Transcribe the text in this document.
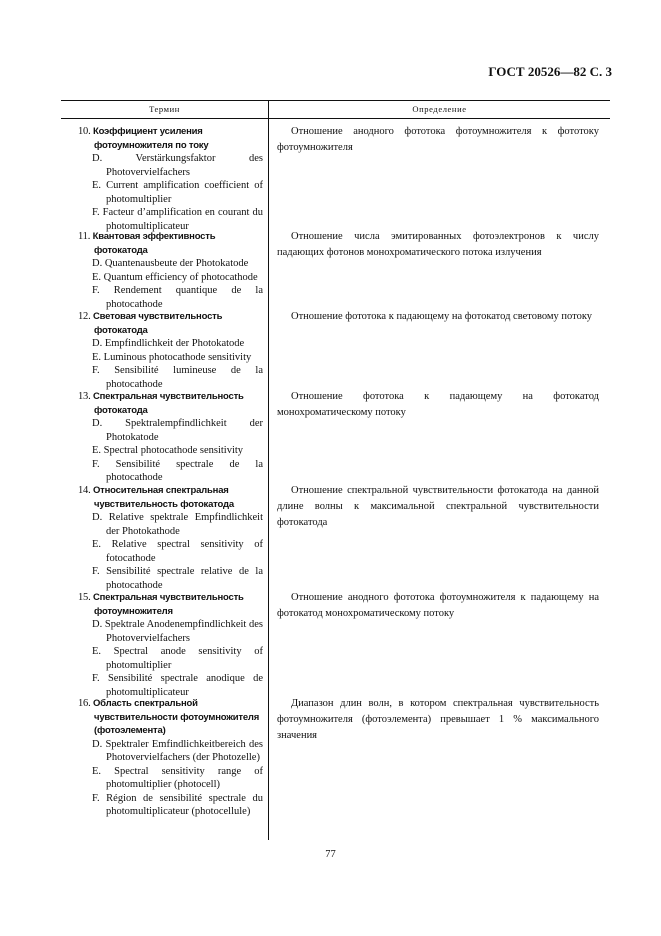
ГОСТ 20526—82 С. 3
Термин	Определение
10. Коэффициент усиления фотоумножителя по току
D. Verstärkungsfaktor des Photovervielfachers
E. Current amplification coefficient of photomultiplier
F. Facteur d’amplification en courant du photomultiplicateur
Отношение анодного фототока фотоумножителя к фототоку фотоумножителя
11. Квантовая эффективность фотокатода
D. Quantenausbeute der Photokatode
E. Quantum efficiency of photocathode
F. Rendement quantique de la photocathode
Отношение числа эмитированных фотоэлектронов к числу падающих фотонов монохроматического потока излучения
12. Световая чувствительность фотокатода
D. Empfindlichkeit der Photokatode
E. Luminous photocathode sensitivity
F. Sensibilité lumineuse de la photocathode
Отношение фототока к падающему на фотокатод световому потоку
13. Спектральная чувствительность фотокатода
D. Spektralempfindlichkeit der Photokatode
E. Spectral photocathode sensitivity
F. Sensibilité spectrale de la photocathode
Отношение фототока к падающему на фотокатод монохроматическому потоку
14. Относительная спектральная чувствительность фотокатода
D. Relative spektrale Empfindlichkeit der Photokathode
E. Relative spectral sensitivity of fotocathode
F. Sensibilité spectrale relative de la photocathode
Отношение спектральной чувствительности фотокатода на данной длине волны к максимальной спектральной чувствительности фотокатода
15. Спектральная чувствительность фотоумножителя
D. Spektrale Anodenempfindlichkeit des Photovervielfachers
E. Spectral anode sensitivity of photomultiplier
F. Sensibilité spectrale anodique de photomultiplicateur
Отношение анодного фототока фотоумножителя к падающему на фотокатод монохроматическому потоку
16. Область спектральной чувствительности фотоумножителя (фотоэлемента)
D. Spektraler Emfindlichkeitbereich des Photovervielfachers (der Photozelle)
E. Spectral sensitivity range of photomultiplier (photocell)
F. Région de sensibilité spectrale du photomultiplicateur (photocellule)
Диапазон длин волн, в котором спектральная чувствительность фотоумножителя (фотоэлемента) превышает 1 % максимального значения
77
